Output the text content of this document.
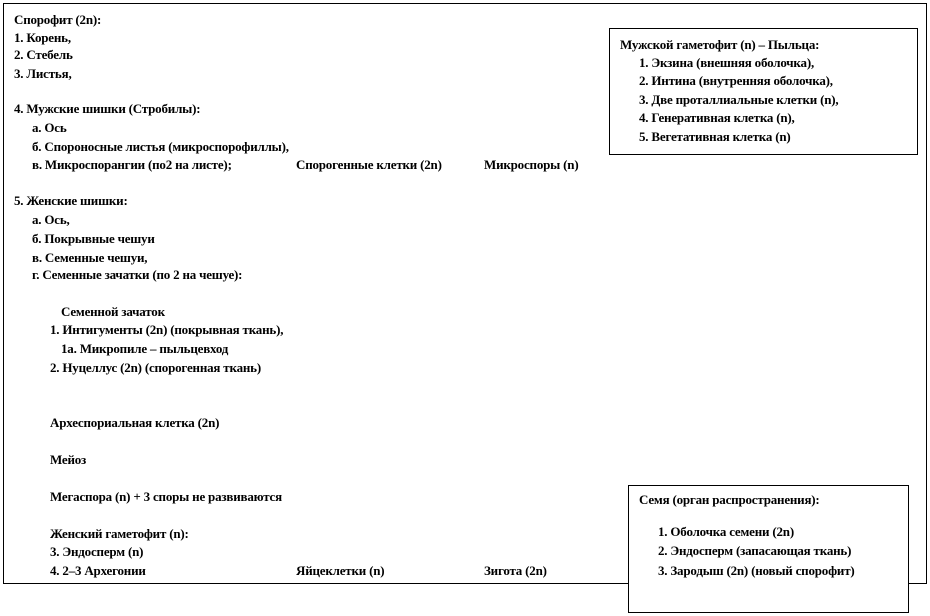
Спорофит (2n):
1. Корень,
2. Стебель
3. Листья,
4. Мужские шишки (Стробилы):
а. Ось
б. Спороносные листья (микроспорофиллы),
в. Микроспорангии (по2 на листе);	Спорогенные клетки (2n)	Микроспоры (n)
5. Женские шишки:
а. Ось,
б. Покрывные чешуи
в. Семенные чешуи,
г. Семенные зачатки (по 2 на чешуе):
Семенной зачаток
1. Интигументы (2n) (покрывная ткань),
1а. Микропиле – пыльцевход
2. Нуцеллус (2n) (спорогенная ткань)
Археспориальная клетка (2n)
Мейоз
Мегаспора (n) + 3 споры не развиваются
Женский гаметофит (n):
3. Эндосперм (n)
4. 2–3 Архегонии	Яйцеклетки (n)	Зигота (2n)
Мужской гаметофит (n) – Пыльца:
1. Экзина (внешняя оболочка),
2. Интина (внутренняя оболочка),
3. Две проталлиальные клетки (n),
4. Генеративная клетка (n),
5. Вегетативная клетка (n)
Семя (орган распространения):
1. Оболочка семени (2n)
2. Эндосперм (запасающая ткань)
3. Зародыш (2n) (новый спорофит)
